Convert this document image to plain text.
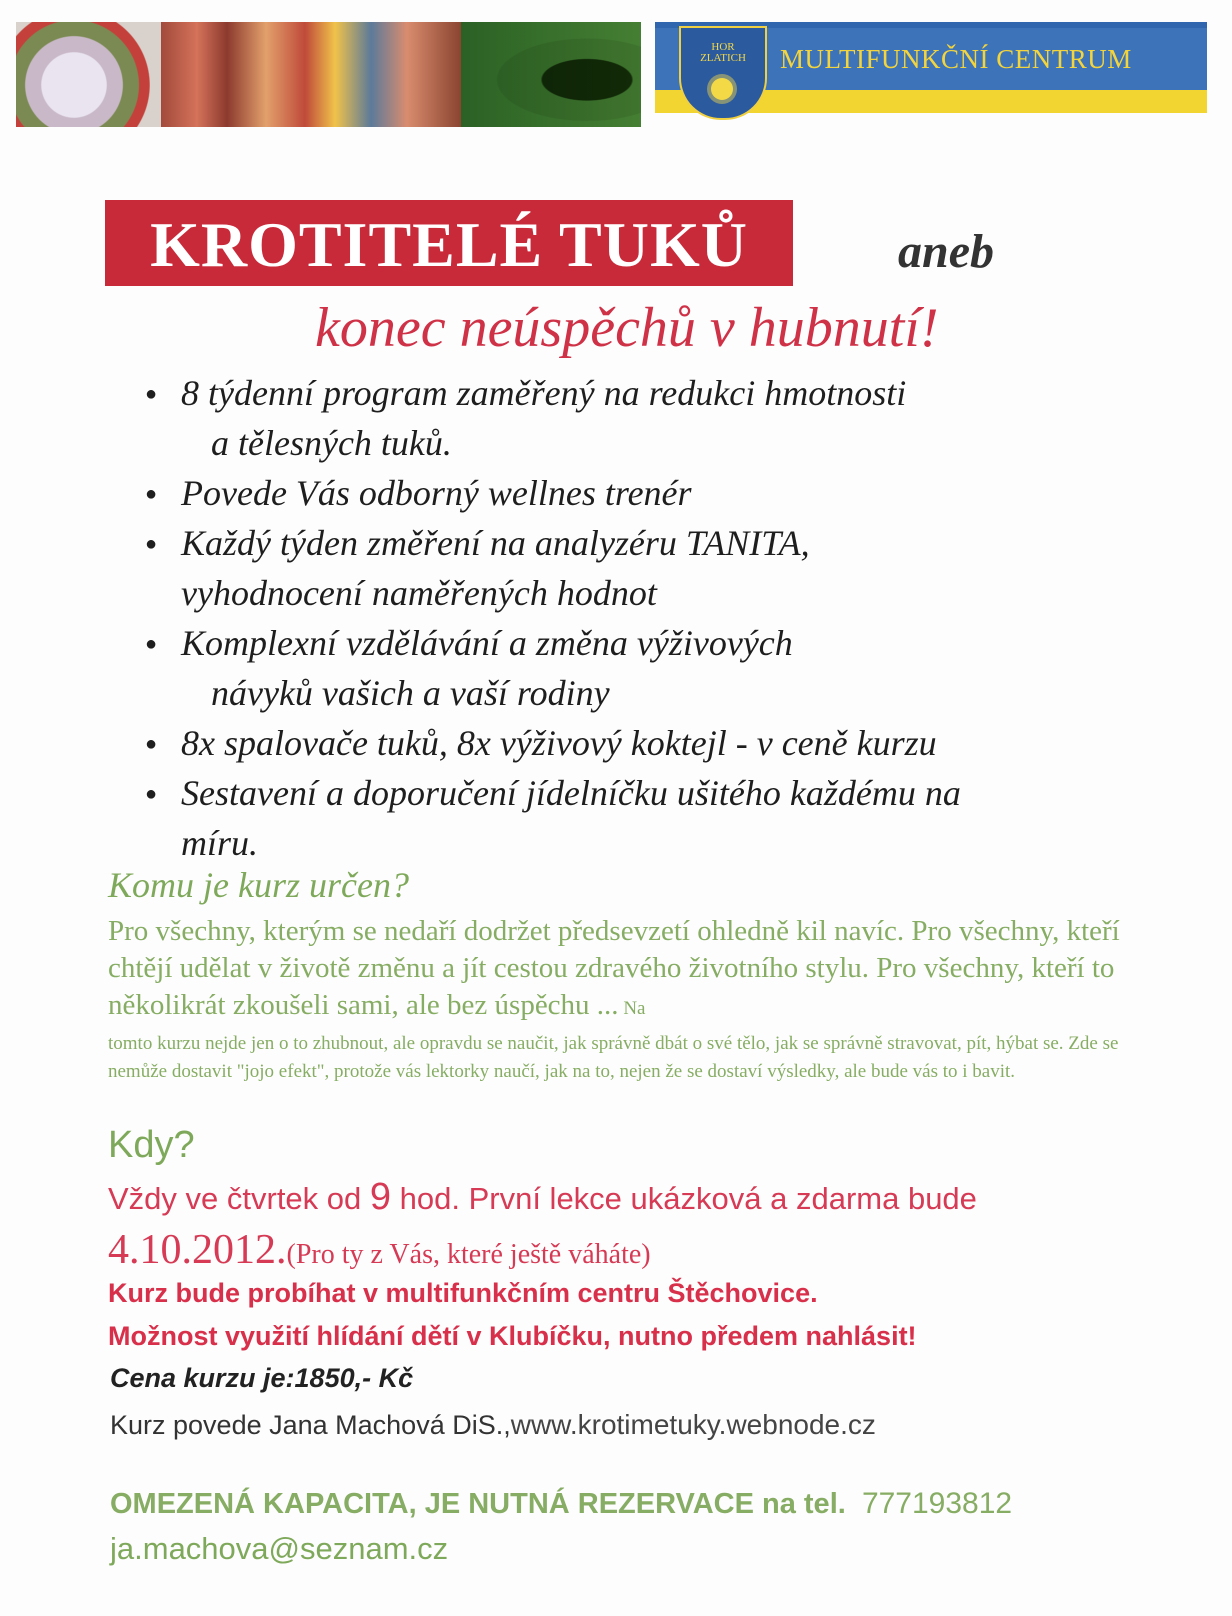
HOR
ZLATICH	MULTIFUNKČNÍ CENTRUM
KROTITELÉ TUKŮ	aneb
konec neúspěchů v hubnutí!
● 8 týdenní program zaměřený na redukci hmotnosti
a tělesných tuků.
● Povede Vás odborný wellnes trenér
● Každý týden změření na analyzéru TANITA,
vyhodnocení naměřených hodnot
● Komplexní vzdělávání a změna výživových
návyků vašich a vaší rodiny
● 8x spalovače tuků, 8x výživový koktejl - v ceně kurzu
● Sestavení a doporučení jídelníčku ušitého každému na
míru.
Komu je kurz určen?
Pro všechny, kterým se nedaří dodržet předsevzetí ohledně kil navíc. Pro všechny, kteří chtějí udělat v životě změnu a jít cestou zdravého životního stylu. Pro všechny, kteří to několikrát zkoušeli sami, ale bez úspěchu ... Na
tomto kurzu nejde jen o to zhubnout, ale opravdu se naučit, jak správně dbát o své tělo, jak se správně stravovat, pít, hýbat se. Zde se nemůže dostavit "jojo efekt", protože vás lektorky naučí, jak na to, nejen že se dostaví výsledky, ale bude vás to i bavit.
Kdy?
Vždy ve čtvrtek od 9 hod. První lekce ukázková a zdarma bude
4.10.2012.(Pro ty z Vás, které ještě váháte)
Kurz bude probíhat v multifunkčním centru Štěchovice.
Možnost využití hlídání dětí v Klubíčku, nutno předem nahlásit!
Cena kurzu je:1850,- Kč
Kurz povede Jana Machová DiS.,www.krotimetuky.webnode.cz
OMEZENÁ KAPACITA, JE NUTNÁ REZERVACE na tel. 777193812
ja.machova@seznam.cz
